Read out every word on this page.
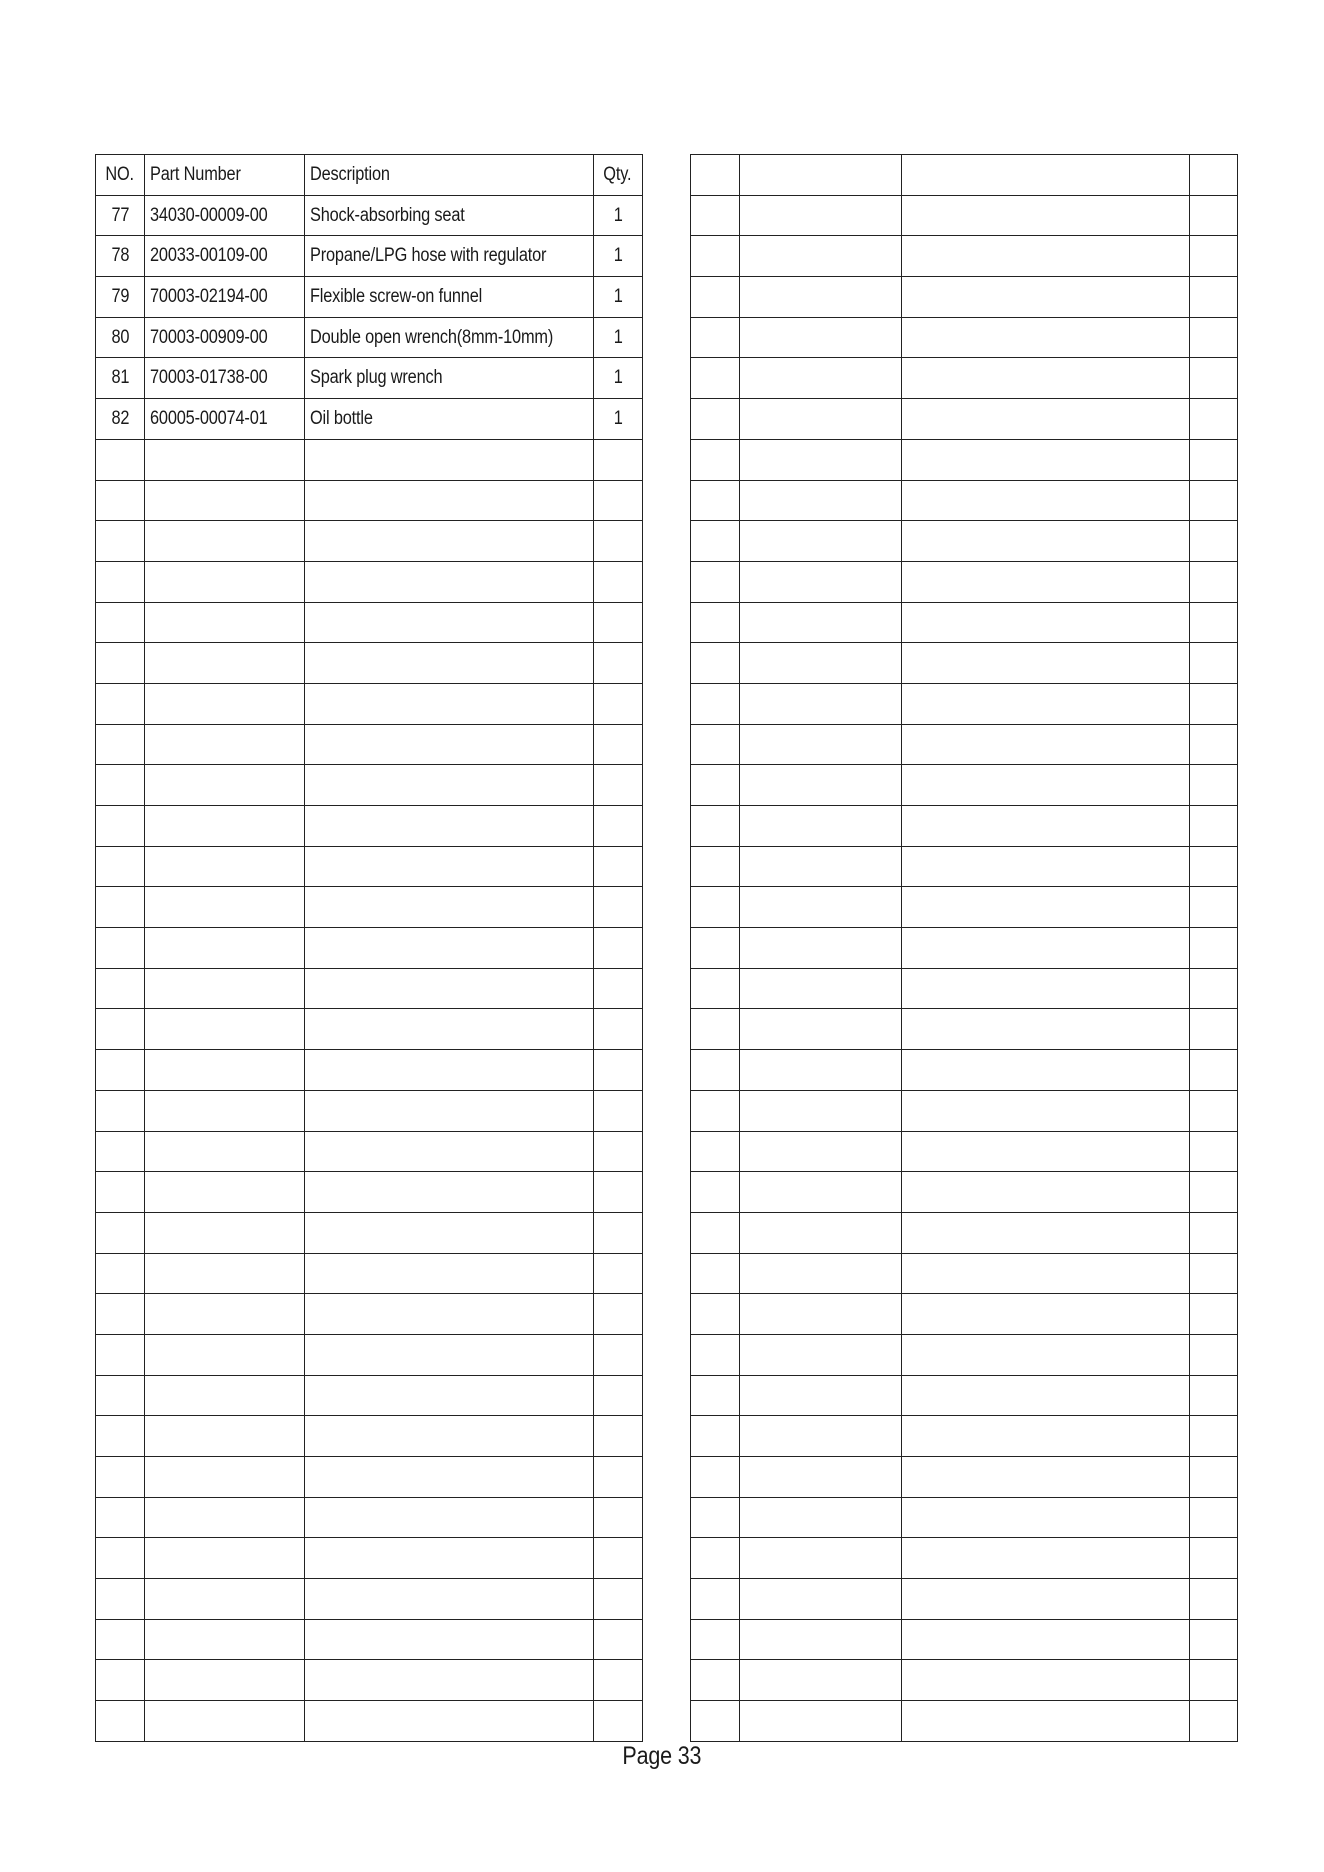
NO.	Part Number	Description	Qty.
77	34030-00009-00	Shock-absorbing seat	1
78	20033-00109-00	Propane/LPG hose with regulator	1
79	70003-02194-00	Flexible screw-on funnel	1
80	70003-00909-00	Double open wrench(8mm-10mm)	1
81	70003-01738-00	Spark plug wrench	1
82	60005-00074-01	Oil bottle	1

Page 33
